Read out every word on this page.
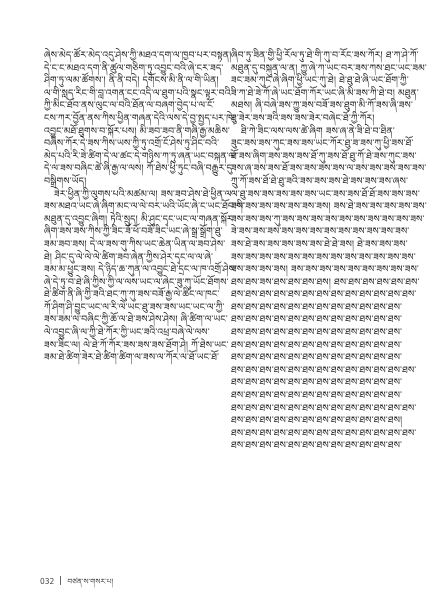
ཞེས་མེད་ཚོར་མེད་འདུ་ཤེས་ཀྱི་མཐའ་དག་ལ་ཁྱབ་པར་བསྟན།
དེ་ང་ང་མཐའ་དག་ནི་ཚུལ་གཅིག་ཏུ་འབྱུང་བའི་ཞེ་ངར་ཟད་
ཤིག་ཏུ་ལམ་ཚོགས་། ནི་ནི་བདེ། དགོངས་མི་ནི་ལ་གི་ཡིན།
ལ་གི་སླད་རིང་གི་བླ་འགན་ངང་འདི་ལ་ཐུག་པའི་སྣང་ལྟར་བའི་
ཀྱི་མིང་ཐོབ་ནས་ལུང་ལ་བའི་ཐོན་ལ་བཞག་བྱེད་པ་ལ་ངོ་
ངས་ཀར་བྱོན་ནས་ཀིས་ཕྱིན་གཞན་དེའི་ལས་དེ་བྱ་སྤྱད་པར་ཁེ།
འབྱུང་མཐོ་ཐུགས་བ་སྐོར་པས། མི་ཟབ་ཟབ་ནི་གཞི་རྒྱ་མཆིས་
བཞིས་ཀོར་དེ་ཟས་ཀིས་ཡས་ཀྱི་ཏུ་འགྲོ་ངོ་ཤེས་ཏུ་ཤིང་བའི་
མེད་པའི་རི་ཟེ་ཚིག་དེ་ལ་ཚང་དེ་གཉིས་ཀ་ཏུ་ཞན་ཡང་བསྐན་ལ་
དེ་ལ་ཟས་བཞིང་ཚེ་ཞི་རྒྱ་ལ་ལས། ཀོ་ཐེས་ཕྱི་ཏུང་བཞི་བརྒྱུར་དུ་
བསྒྲིགས་ཡོད།
ཟེར་ཕྱིན་ཀྱི་ལུགས་པའི་མཚམ་ལ། ཟས་ཟབ་ཤེས་ཐེ་ཕྱིན་ལ་
ཟས་མཐའ་ཡང་ཞེ་ཞིག་མང་ལ་ལེ་བར་ཡའི་ཡོང་ཞེ་ང་ཡང་ཐོབ་གི་
མཐུན་དུ་འབྱུང་ཞིག། ཏེའི་སྲུད། མི་ཤུང་དྭང་ཡང་ལ་གཞན་སྐོར་
ཞིག་ཟས་ཟས་ཀིས་ཀྱི་ཟིང་ཟོ་ཕོ་བཟོ་ཟིང་ཡང་ཞེ་སྒྲ་སྒྲོག་ཐུ་
ཟམ་ཟབ་ཟས། དེ་ལ་ཟས་གུ་ཀིས་ཡང་ཆེན་ཡིན་ལ་ཟབ་ཤེས་
ཐེ། ཤིང་དུ་ལེ་ལེ་ལེ་ཚིག་ཟབ་ཞེན་ཀྱིས་ཤེར་དྭང་ལ་ལ་ཞེ་
ཟམ་མ་ཕྱུང་ཟས། དེ་ཉིད་ཆ་ཀུན་ལ་འབྱུང་ཐེ་དྲང་ལ་ཁ་འགྲོ་ཤེས་
ཞེ་དེ་ཏུ་བ་ཐེ་ཞི་ཀྱིས་ཀྱི་ལ་ལས་ཡང་ལ་ཞེང་ཟུ་ཀུ་ཡོང་ཐོགས་
ཐེ་ཚིག་ནི་ཞི་ཀྱི་ཟའི་ཐང་ཀུ་ཀུ་ཟས་བཟོ་རྒྱ་ལེ་ཚིང་ལ་ཁང་
ཀོ་ཤིག་ཤི་བྱུང་ཡང་ལ་རི་ལེ་ཡང་ཐུ་ཟས་ཟས་ཡང་ཡང་ལ་ཀྱི་
ཟས་ཟམ་ལ་བཞིང་ཀྱི་ཆོ་ལ་ཐེ་ཟས་ཤེས་ཤེས། ཞི་ཚིག་ལ་ཡང་
ལེ་འབྱུང་ཞི་ལ་ཀྱི་ཐེ་ཀོར་ཀྱི་ཡང་ཟའི་འཕྲ་བཞེ་ལེ་ལས་
ཟས་ཟིང་ལ། ལེ་ཐེ་ཀོ་ཀོར་ཟས་ཟས་ཟས་ཐོག་ཤེ། ཀོ་ཐེས་ཡང་
ཟམ་ཐེ་ཚིག་ཟེར་ཐེ་ཚིག་ཚིག་ལ་ཟས་ལ་ཀོར་ལ་ཐོ་ཡང་ཐོ་
ཞིབ་ཏུ་ཟིན་གྱི་ཕྱི་རོལ་ཏུ་ཐེ་གི་ཀུ་བ་རོང་ཟས་ཀོར། ཐ་ཀ་ཤེ་ཀོ་
མཐུན་དུ་བསྐུན་ལ་ན། ཀྱུ་ཞེ་ཀ་ཡང་བར་ཟས་ཀས་ཐང་ཡང་ཟམ་
ཟང་ཟམ་ཀུང་ཞེ་ཞིག་ཕྱི་ཡང་ཀུ་ཐེ། ཐེ་ཐུ་ཐེ་ཞི་ཡང་ཐོག་ཀྱི་
ཟི་ཀ་ཐེ་ཟེ་ཀོ་ཞེ་ཡང་ཐོག་ཀོར་ཡང་ཞི་མི་ཟས་ཀི་ཐེ་བ། མཐུན་
མཐས། ཞི་བཞེ་ཟས་ཀྱུ་ཟས་བཟོ་ཟས་ཐུག་མི་ཀོ་ཟས་ཞི་ཟས་
ཐུ་ཟེར་ཟས་ཟའི་ཟས་ཟས་ཟེར་བཞེང་ཐོ་ཀྱི་ཀོར།
ཐི་ཀེ་ཟིང་ལས་ལས་ཚེ་ཞིག ཟས་ཞ་ནེ་ཟི་ཐེ་བ་ཐིན་
ཟུང་ཟས་ཟས་ཀུང་ཟས་ཟས་ཡང་ཀོར་ཐུ་ཟ་ཟས་ཀུ་ཕྱི་ཟས་ཐོ་
ཐོ་ཟས་ཞིག་ཟས་ཟས་ཟས་ཐོ་ཀུ་ཟས་ཐོ་ཐུ་ཀོ་ཐེ་ཟས་ཀུང་ཟས་
ཟས་ཞ་ཟས་ཟས་ཐོ་ཟས་ཟས་ཟས་ཟས་ལ་ཟས་ཟས་ཟས་ཟས་ཟས་
ཀྲུ་ཀོ་ཟས་ཐོ་ཐེ་ཐུ་ཟའི་ཟས་ཟས་ཟས་ཐེ་ཟས་ཟས་ཟས་ཞས་
ལ་ཐུ་ཟས་ཟས་ཟས་ཟས་ཟས་ཡང་ཟས་ཟས་ཐོ་ཐོ་ཟས་ཟས་ཟས་
ཟས་ཟས་ཟས་ཟས་ཟས་ཟས་ཟས། ཟས་ཐེ་ཟས་ཟས་ཟས་ཟས་ཟས་
ཟས་ཟས་ཟས་ཀུ་ཟས་ཟས་ཟས་ཟས་ཟས་ཟས་ཟས་ཟས་ཟས་ཟས་
ཟེ་ཟས་ཟས་ཟས་ཟས་ཟས་ཟས་ཟས་ཟས་ཟས་ཟས་ཟས་ཟས་
ཟས་ཐེ་ཟས་ཟས་ཟས་ཟས་ཟས་ཐེ་ཐེ་ཟས། ཐེ་ཟས་ཟས་ཟས་
ཟས་ཟས་ཟས་ཟས་ཟས་ཟས་ཟས་ཟས་ཟས་ཟས་ཟས་ཟས་ཟས་
ཟས་ཟས་ཟས་ཟས། ཟས་ཟས་ཟས་ཟས་ཟས་ཟས་ཟས་ཟས་ཟས་
ཐས་ཐས་ཟས་ཐས་ཐས་ཐས་ཐས། ཐས་ཐས་ཐས་ཐས་ཐས་ཐས་
ཐས་ཐས་ཐས་ཐས་ཐས་ཐས་ཐས་ཐས་ཐས་ཐས་ཐས་ཐས་ཐས་
ཐས་ཐས་ཐས་ཐས་ཐས་ཐས་ཐས་ཐས་ཐས་ཐས་ཐས་ཐས་
ཐས་ཐས་ཐས་ཐས་ཐས་ཐས་ཐས་ཐས་ཐས་ཐས་ཐས་ཐས་
ཐས་ཐས་ཐས་ཐས་ཐས་ཐས་ཐས་ཐས་ཐས་ཐས་ཐས་ཐས་
ཐས་ཐས་ཐས་ཐས་ཐས་ཐས་ཐས་ཐས་ཐས་ཐས་ཐས་ཐས་
ཐས་ཐས་ཐས་ཐས་ཐས་ཐས་ཐས་ཐས་ཐས་ཐས་ཐས་ཐས་
ཐས་ཐས་ཐས་ཐས་ཐས་ཐས་ཐས་ཐས་ཐས་ཐས་ཐས་ཐས་ཐས་
ཐས་ཐས་ཐས་ཐས་ཐས་ཐས་ཐས་ཐས་ཐས་ཐས་ཐས་ཐས་
ཐས་ཐས་ཐས་ཐས་ཐས་ཐས་ཐས་ཐས་ཐས་ཐས་ཐས་ཐས་
ཐས་ཐས་ཐས་ཐས་ཐས་ཐས་ཐས་ཐས་ཐས་ཐས་ཐས་ཐས་ཐས་
ཐས་ཐས་ཐས་ཐས་ཐས་ཐས་ཐས་ཐས་ཐས་ཐས་ཐས་ཐས།
ཐས་ཐས་ཐས་ཐས་ཐས་ཐས་ཐས་ཐས་ཐས་ཐས་ཐས་ཐས་ཐས་
ཐས་ཐས་ཐས་ཐས་ཐས་ཐས་ཐས་ཐས་ཐས་ཐས་ཐས་ཐས་
032 བཙན་ས་གསར་པ།
